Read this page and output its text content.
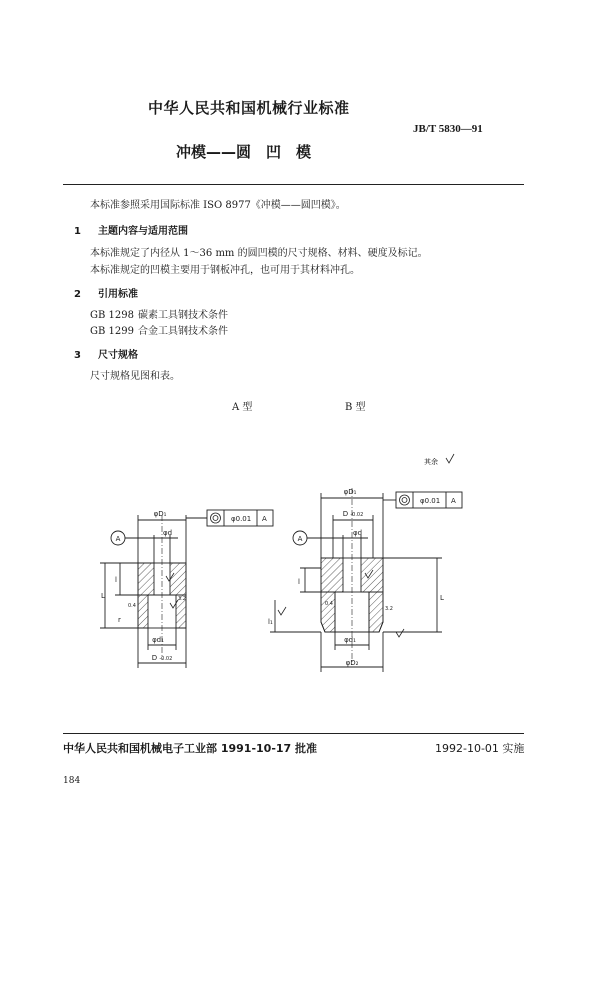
中华人民共和国机械行业标准
JB/T 5830—91
冲模——圆　凹　模
本标准参照采用国际标准 ISO 8977《冲模——圆凹模》。
1 主题内容与适用范围
本标准规定了内径从 1～36 mm 的圆凹模的尺寸规格、材料、硬度及标记。
本标准规定的凹模主要用于钢板冲孔，也可用于其材料冲孔。
2 引用标准
GB 1298 碳素工具钢技术条件
GB 1299 合金工具钢技术条件
3 尺寸规格
尺寸规格见图和表。
A 型	B 型
其余
A
φD₁
φd
φ0.01 A
φd₁
D -0.02
L
l
r
0.4
3.2
A
φD₁
D -0.02
φd
φ0.01 A
φd₁
φD₂
L
l
l₁
0.4
3.2
中华人民共和国机械电子工业部 1991-10-17 批准	1992-10-01 实施
184
